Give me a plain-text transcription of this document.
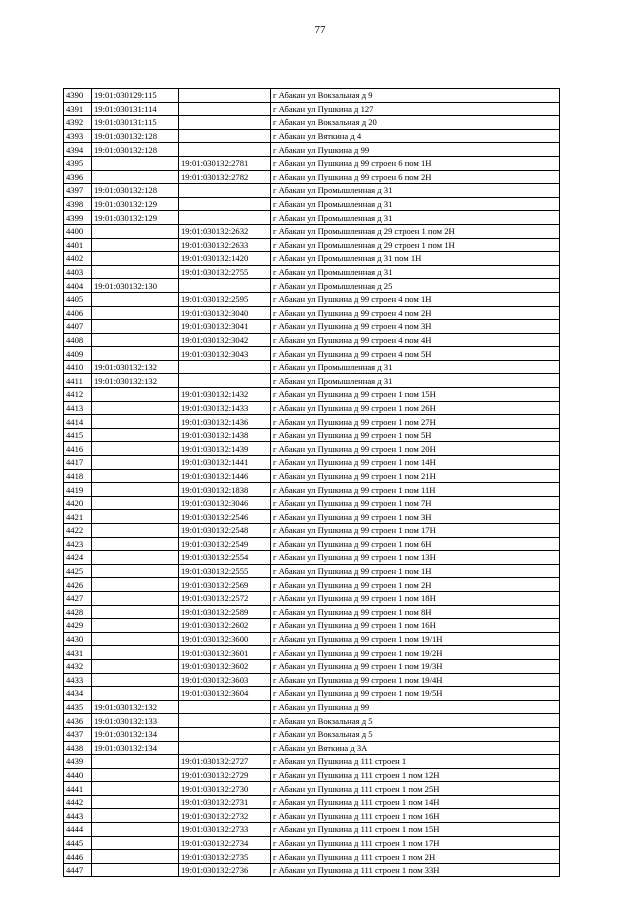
77
4390	19:01:030129:115		г Абакан ул Вокзальная д 9
4391	19:01:030131:114		г Абакан ул Пушкина д 127
4392	19:01:030131:115		г Абакан ул Вокзальная д 20
4393	19:01:030132:128		г Абакан ул Вяткина д 4
4394	19:01:030132:128		г Абакан ул Пушкина д 99
4395		19:01:030132:2781	г Абакан ул Пушкина д 99 строен 6 пом 1Н
4396		19:01:030132:2782	г Абакан ул Пушкина д 99 строен 6 пом 2Н
4397	19:01:030132:128		г Абакан ул Промышленная д 31
4398	19:01:030132:129		г Абакан ул Промышленная д 31
4399	19:01:030132:129		г Абакан ул Промышленная д 31
4400		19:01:030132:2632	г Абакан ул Промышленная д 29 строен 1 пом 2Н
4401		19:01:030132:2633	г Абакан ул Промышленная д 29 строен 1 пом 1Н
4402		19:01:030132:1420	г Абакан ул Промышленная д 31 пом 1Н
4403		19:01:030132:2755	г Абакан ул Промышленная д 31
4404	19:01:030132:130		г Абакан ул Промышленная д 25
4405		19:01:030132:2595	г Абакан ул Пушкина д 99 строен 4 пом 1Н
4406		19:01:030132:3040	г Абакан ул Пушкина д 99 строен 4 пом 2Н
4407		19:01:030132:3041	г Абакан ул Пушкина д 99 строен 4 пом 3Н
4408		19:01:030132:3042	г Абакан ул Пушкина д 99 строен 4 пом 4Н
4409		19:01:030132:3043	г Абакан ул Пушкина д 99 строен 4 пом 5Н
4410	19:01:030132:132		г Абакан ул Промышленная д 31
4411	19:01:030132:132		г Абакан ул Промышленная д 31
4412		19:01:030132:1432	г Абакан ул Пушкина д 99 строен 1 пом 15Н
4413		19:01:030132:1433	г Абакан ул Пушкина д 99 строен 1 пом 26Н
4414		19:01:030132:1436	г Абакан ул Пушкина д 99 строен 1 пом 27Н
4415		19:01:030132:1438	г Абакан ул Пушкина д 99 строен 1 пом 5Н
4416		19:01:030132:1439	г Абакан ул Пушкина д 99 строен 1 пом 20Н
4417		19:01:030132:1441	г Абакан ул Пушкина д 99 строен 1 пом 14Н
4418		19:01:030132:1446	г Абакан ул Пушкина д 99 строен 1 пом 21Н
4419		19:01:030132:1838	г Абакан ул Пушкина д 99 строен 1 пом 11Н
4420		19:01:030132:3046	г Абакан ул Пушкина д 99 строен 1 пом 7Н
4421		19:01:030132:2546	г Абакан ул Пушкина д 99 строен 1 пом 3Н
4422		19:01:030132:2548	г Абакан ул Пушкина д 99 строен 1 пом 17Н
4423		19:01:030132:2549	г Абакан ул Пушкина д 99 строен 1 пом 6Н
4424		19:01:030132:2554	г Абакан ул Пушкина д 99 строен 1 пом 13Н
4425		19:01:030132:2555	г Абакан ул Пушкина д 99 строен 1 пом 1Н
4426		19:01:030132:2569	г Абакан ул Пушкина д 99 строен 1 пом 2Н
4427		19:01:030132:2572	г Абакан ул Пушкина д 99 строен 1 пом 18Н
4428		19:01:030132:2589	г Абакан ул Пушкина д 99 строен 1 пом 8Н
4429		19:01:030132:2602	г Абакан ул Пушкина д 99 строен 1 пом 16Н
4430		19:01:030132:3600	г Абакан ул Пушкина д 99 строен 1 пом 19/1Н
4431		19:01:030132:3601	г Абакан ул Пушкина д 99 строен 1 пом 19/2Н
4432		19:01:030132:3602	г Абакан ул Пушкина д 99 строен 1 пом 19/3Н
4433		19:01:030132:3603	г Абакан ул Пушкина д 99 строен 1 пом 19/4Н
4434		19:01:030132:3604	г Абакан ул Пушкина д 99 строен 1 пом 19/5Н
4435	19:01:030132:132		г Абакан ул Пушкина д 99
4436	19:01:030132:133		г Абакан ул Вокзальная д 5
4437	19:01:030132:134		г Абакан ул Вокзальная д 5
4438	19:01:030132:134		г Абакан ул Вяткина д 3А
4439		19:01:030132:2727	г Абакан ул Пушкина д 111 строен 1
4440		19:01:030132:2729	г Абакан ул Пушкина д 111 строен 1 пом 12Н
4441		19:01:030132:2730	г Абакан ул Пушкина д 111 строен 1 пом 25Н
4442		19:01:030132:2731	г Абакан ул Пушкина д 111 строен 1 пом 14Н
4443		19:01:030132:2732	г Абакан ул Пушкина д 111 строен 1 пом 16Н
4444		19:01:030132:2733	г Абакан ул Пушкина д 111 строен 1 пом 15Н
4445		19:01:030132:2734	г Абакан ул Пушкина д 111 строен 1 пом 17Н
4446		19:01:030132:2735	г Абакан ул Пушкина д 111 строен 1 пом 2Н
4447		19:01:030132:2736	г Абакан ул Пушкина д 111 строен 1 пом 33Н
